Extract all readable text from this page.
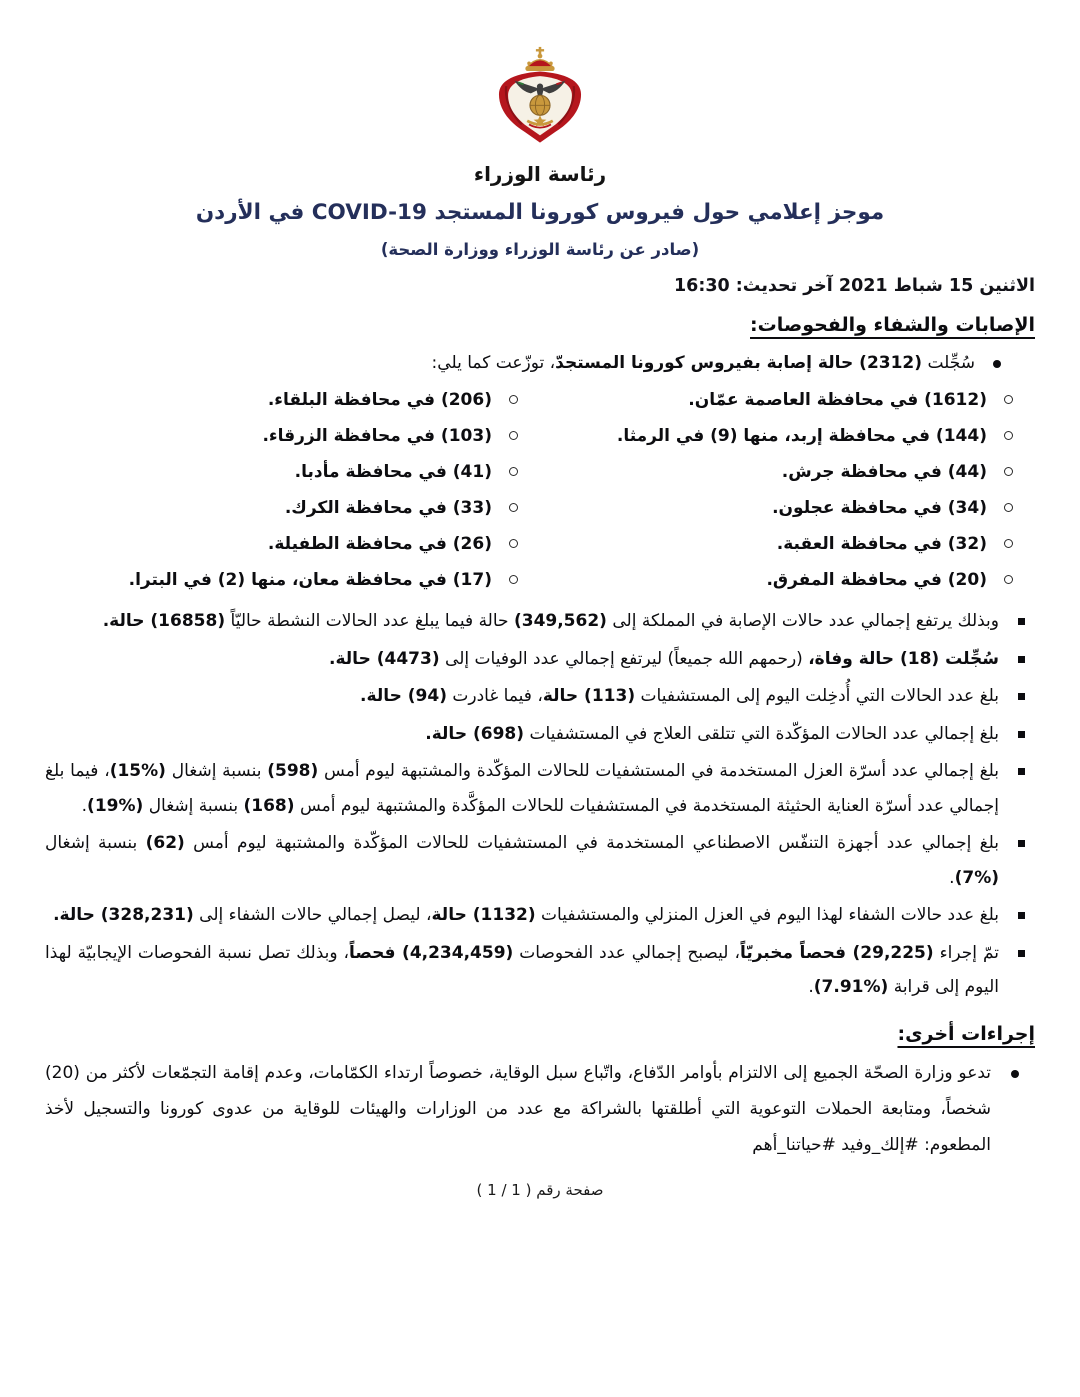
رئاسة الوزراء
موجز إعلامي حول فيروس كورونا المستجد COVID-19 في الأردن
(صادر عن رئاسة الوزراء ووزارة الصحة)
الاثنين 15 شباط 2021 آخر تحديث: 16:30
الإصابات والشفاء والفحوصات:
سُجِّلت (2312) حالة إصابة بفيروس كورونا المستجدّ، توزّعت كما يلي:
(1612) في محافظة العاصمة عمّان.
(144) في محافظة إربد، منها (9) في الرمثا.
(44) في محافظة جرش.
(34) في محافظة عجلون.
(32) في محافظة العقبة.
(20) في محافظة المفرق.
(206) في محافظة البلقاء.
(103) في محافظة الزرقاء.
(41) في محافظة مأدبا.
(33) في محافظة الكرك.
(26) في محافظة الطفيلة.
(17) في محافظة معان، منها (2) في البترا.
وبذلك يرتفع إجمالي عدد حالات الإصابة في المملكة إلى (349,562) حالة فيما يبلغ عدد الحالات النشطة حاليّاً (16858) حالة.
سُجِّلت (18) حالة وفاة، (رحمهم الله جميعاً) ليرتفع إجمالي عدد الوفيات إلى (4473) حالة.
بلغ عدد الحالات التي أُدخِلت اليوم إلى المستشفيات (113) حالة، فيما غادرت (94) حالة.
بلغ إجمالي عدد الحالات المؤكّدة التي تتلقى العلاج في المستشفيات (698) حالة.
بلغ إجمالي عدد أسرّة العزل المستخدمة في المستشفيات للحالات المؤكّدة والمشتبهة ليوم أمس (598) بنسبة إشغال (%15)، فيما بلغ إجمالي عدد أسرّة العناية الحثيثة المستخدمة في المستشفيات للحالات المؤكَّدة والمشتبهة ليوم أمس (168) بنسبة إشغال (%19).
بلغ إجمالي عدد أجهزة التنفّس الاصطناعي المستخدمة في المستشفيات للحالات المؤكّدة والمشتبهة ليوم أمس (62) بنسبة إشغال (%7).
بلغ عدد حالات الشفاء لهذا اليوم في العزل المنزلي والمستشفيات (1132) حالة، ليصل إجمالي حالات الشفاء إلى (328,231) حالة.
تمّ إجراء (29,225) فحصاً مخبريّاً، ليصبح إجمالي عدد الفحوصات (4,234,459) فحصاً، وبذلك تصل نسبة الفحوصات الإيجابيّة لهذا اليوم إلى قرابة (%7.91).
إجراءات أخرى:
تدعو وزارة الصحّة الجميع إلى الالتزام بأوامر الدّفاع، واتّباع سبل الوقاية، خصوصاً ارتداء الكمّامات، وعدم إقامة التجمّعات لأكثر من (20) شخصاً، ومتابعة الحملات التوعوية التي أطلقتها بالشراكة مع عدد من الوزارات والهيئات للوقاية من عدوى كورونا والتسجيل لأخذ المطعوم: #إلك_وفيد #حياتنا_أهم
صفحة رقم ( 1 / 1 )
